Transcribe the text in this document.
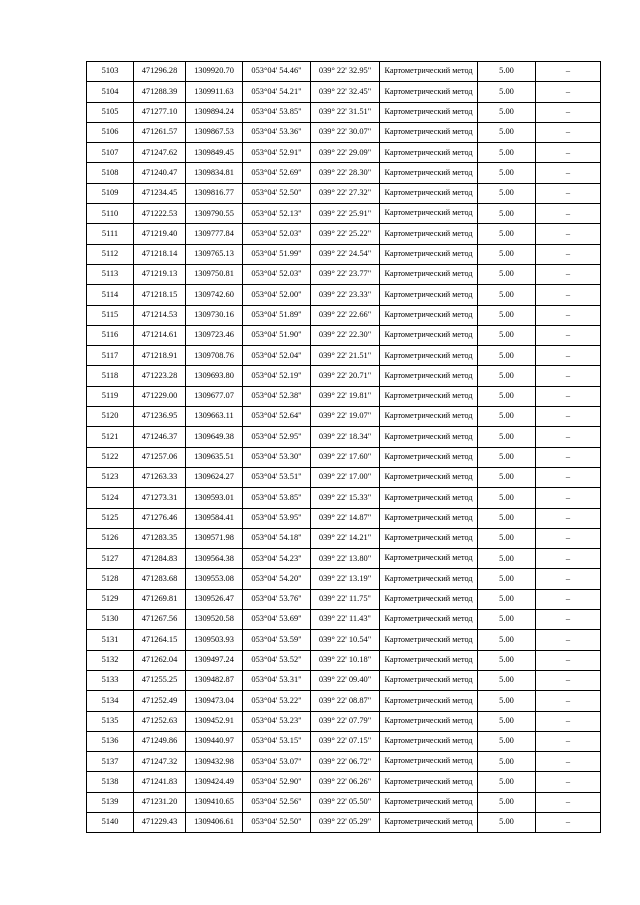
5103	471296.28	1309920.70	053°04' 54.46"	039° 22' 32.95"	Картометрический метод	5.00	–
5104	471288.39	1309911.63	053°04' 54.21"	039° 22' 32.45"	Картометрический метод	5.00	–
5105	471277.10	1309894.24	053°04' 53.85"	039° 22' 31.51"	Картометрический метод	5.00	–
5106	471261.57	1309867.53	053°04' 53.36"	039° 22' 30.07"	Картометрический метод	5.00	–
5107	471247.62	1309849.45	053°04' 52.91"	039° 22' 29.09"	Картометрический метод	5.00	–
5108	471240.47	1309834.81	053°04' 52.69"	039° 22' 28.30"	Картометрический метод	5.00	–
5109	471234.45	1309816.77	053°04' 52.50"	039° 22' 27.32"	Картометрический метод	5.00	–
5110	471222.53	1309790.55	053°04' 52.13"	039° 22' 25.91"	Картометрический метод	5.00	–
5111	471219.40	1309777.84	053°04' 52.03"	039° 22' 25.22"	Картометрический метод	5.00	–
5112	471218.14	1309765.13	053°04' 51.99"	039° 22' 24.54"	Картометрический метод	5.00	–
5113	471219.13	1309750.81	053°04' 52.03"	039° 22' 23.77"	Картометрический метод	5.00	–
5114	471218.15	1309742.60	053°04' 52.00"	039° 22' 23.33"	Картометрический метод	5.00	–
5115	471214.53	1309730.16	053°04' 51.89"	039° 22' 22.66"	Картометрический метод	5.00	–
5116	471214.61	1309723.46	053°04' 51.90"	039° 22' 22.30"	Картометрический метод	5.00	–
5117	471218.91	1309708.76	053°04' 52.04"	039° 22' 21.51"	Картометрический метод	5.00	–
5118	471223.28	1309693.80	053°04' 52.19"	039° 22' 20.71"	Картометрический метод	5.00	–
5119	471229.00	1309677.07	053°04' 52.38"	039° 22' 19.81"	Картометрический метод	5.00	–
5120	471236.95	1309663.11	053°04' 52.64"	039° 22' 19.07"	Картометрический метод	5.00	–
5121	471246.37	1309649.38	053°04' 52.95"	039° 22' 18.34"	Картометрический метод	5.00	–
5122	471257.06	1309635.51	053°04' 53.30"	039° 22' 17.60"	Картометрический метод	5.00	–
5123	471263.33	1309624.27	053°04' 53.51"	039° 22' 17.00"	Картометрический метод	5.00	–
5124	471273.31	1309593.01	053°04' 53.85"	039° 22' 15.33"	Картометрический метод	5.00	–
5125	471276.46	1309584.41	053°04' 53.95"	039° 22' 14.87"	Картометрический метод	5.00	–
5126	471283.35	1309571.98	053°04' 54.18"	039° 22' 14.21"	Картометрический метод	5.00	–
5127	471284.83	1309564.38	053°04' 54.23"	039° 22' 13.80"	Картометрический метод	5.00	–
5128	471283.68	1309553.08	053°04' 54.20"	039° 22' 13.19"	Картометрический метод	5.00	–
5129	471269.81	1309526.47	053°04' 53.76"	039° 22' 11.75"	Картометрический метод	5.00	–
5130	471267.56	1309520.58	053°04' 53.69"	039° 22' 11.43"	Картометрический метод	5.00	–
5131	471264.15	1309503.93	053°04' 53.59"	039° 22' 10.54"	Картометрический метод	5.00	–
5132	471262.04	1309497.24	053°04' 53.52"	039° 22' 10.18"	Картометрический метод	5.00	–
5133	471255.25	1309482.87	053°04' 53.31"	039° 22' 09.40"	Картометрический метод	5.00	–
5134	471252.49	1309473.04	053°04' 53.22"	039° 22' 08.87"	Картометрический метод	5.00	–
5135	471252.63	1309452.91	053°04' 53.23"	039° 22' 07.79"	Картометрический метод	5.00	–
5136	471249.86	1309440.97	053°04' 53.15"	039° 22' 07.15"	Картометрический метод	5.00	–
5137	471247.32	1309432.98	053°04' 53.07"	039° 22' 06.72"	Картометрический метод	5.00	–
5138	471241.83	1309424.49	053°04' 52.90"	039° 22' 06.26"	Картометрический метод	5.00	–
5139	471231.20	1309410.65	053°04' 52.56"	039° 22' 05.50"	Картометрический метод	5.00	–
5140	471229.43	1309406.61	053°04' 52.50"	039° 22' 05.29"	Картометрический метод	5.00	–
